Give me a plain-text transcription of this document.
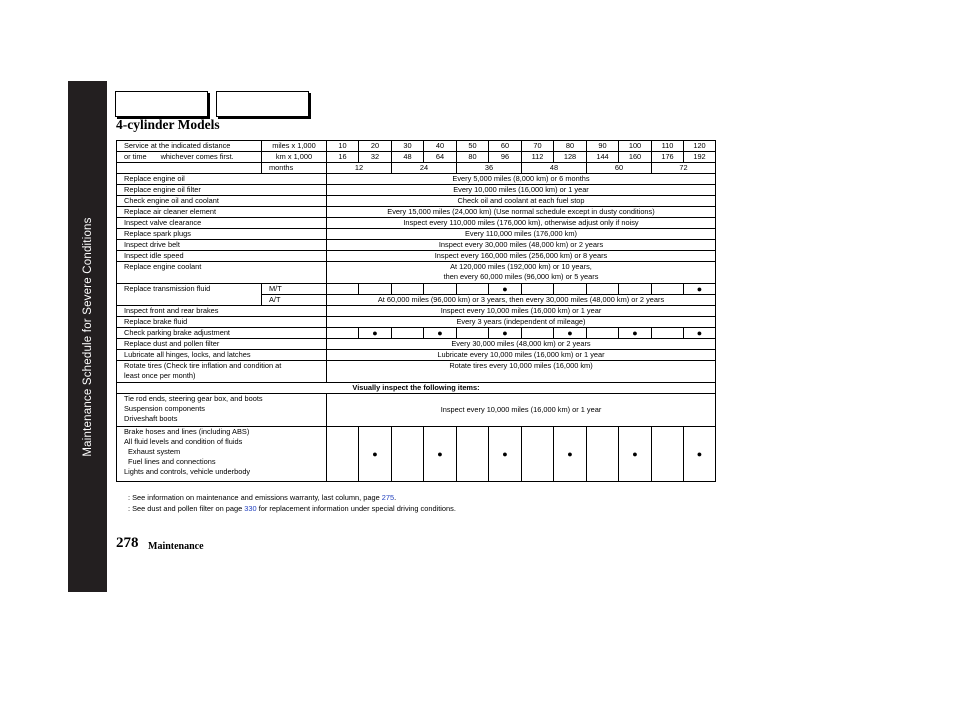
Maintenance Schedule for Severe Conditions
4-cylinder Models
Service at the indicated distance	miles x 1,000	10	20	30	40	50	60	70	80	90	100	110	120
or time whichever comes first.	km x 1,000	16	32	48	64	80	96	112	128	144	160	176	192
	months	12		24		36		48		60		72	
Replace engine oil		Every 5,000 miles (8,000 km) or 6 months											
Replace engine oil filter		Every 10,000 miles (16,000 km) or 1 year											
Check engine oil and coolant		Check oil and coolant at each fuel stop											
Replace air cleaner element		Every 15,000 miles (24,000 km) (Use normal schedule except in dusty conditions)											
Inspect valve clearance		Inspect every 110,000 miles (176,000 km), otherwise adjust only if noisy											
Replace spark plugs		Every 110,000 miles (176,000 km)											
Inspect drive belt		Inspect every 30,000 miles (48,000 km) or 2 years											
Inspect idle speed		Inspect every 160,000 miles (256,000 km) or 8 years											
Replace engine coolant		At 120,000 miles (192,000 km) or 10 years,
then every 60,000 miles (96,000 km) or 5 years											
Replace transmission fluid	M/T						●						●
	A/T	At 60,000 miles (96,000 km) or 3 years, then every 30,000 miles (48,000 km) or 2 years											
Inspect front and rear brakes		Inspect every 10,000 miles (16,000 km) or 1 year											
Replace brake fluid		Every 3 years (independent of mileage)											
Check parking brake adjustment			●		●		●		●		●		●
Replace dust and pollen filter		Every 30,000 miles (48,000 km) or 2 years											
Lubricate all hinges, locks, and latches		Lubricate every 10,000 miles (16,000 km) or 1 year											
Rotate tires (Check tire inflation and condition at
least once per month)		Rotate tires every 10,000 miles (16,000 km)											
Visually inspect the following items:													
Tie rod ends, steering gear box, and boots
Suspension components
Driveshaft boots		Inspect every 10,000 miles (16,000 km) or 1 year											
Brake hoses and lines (including ABS)
All fluid levels and condition of fluids
Exhaust system
Fuel lines and connections
Lights and controls, vehicle underbody			●		●		●		●		●		●
: See information on maintenance and emissions warranty, last column, page 275.
: See dust and pollen filter on page 330 for replacement information under special driving conditions.
278 Maintenance
